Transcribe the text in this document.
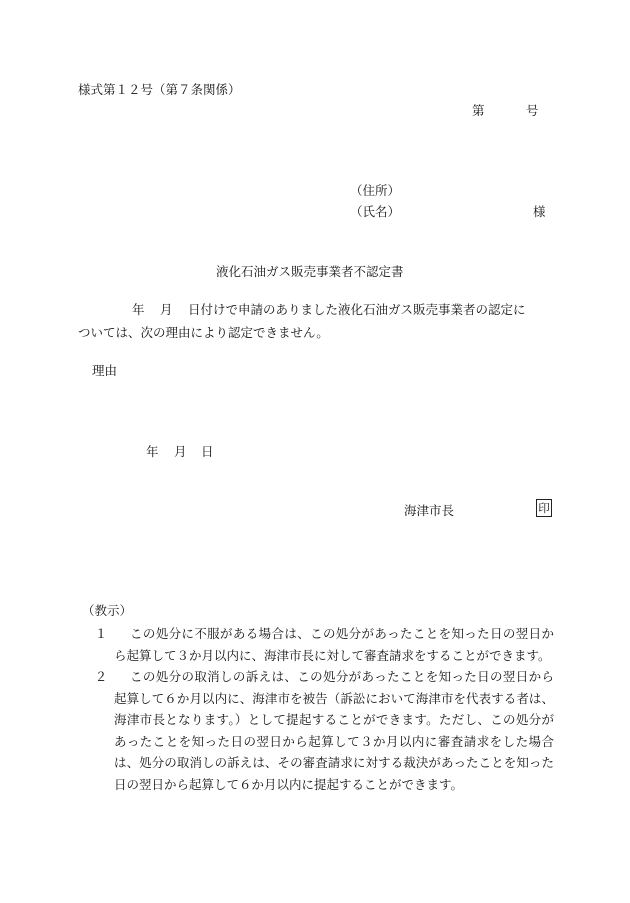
様式第１２号（第７条関係）
第	号
（住所）
（氏名）	様
液化石油ガス販売事業者不認定書
年 月 日付けで申請のありました液化石油ガス販売事業者の認定に
ついては、次の理由により認定できません。
理由
年 月 日
海津市長	印
（教示）
１	この処分に不服がある場合は、この処分があったことを知った日の翌日から起算して３か月以内に、海津市長に対して審査請求をすることができます。
２	この処分の取消しの訴えは、この処分があったことを知った日の翌日から起算して６か月以内に、海津市を被告（訴訟において海津市を代表する者は、海津市長となります。）として提起することができます。ただし、この処分があったことを知った日の翌日から起算して３か月以内に審査請求をした場合は、処分の取消しの訴えは、その審査請求に対する裁決があったことを知った日の翌日から起算して６か月以内に提起することができます。
